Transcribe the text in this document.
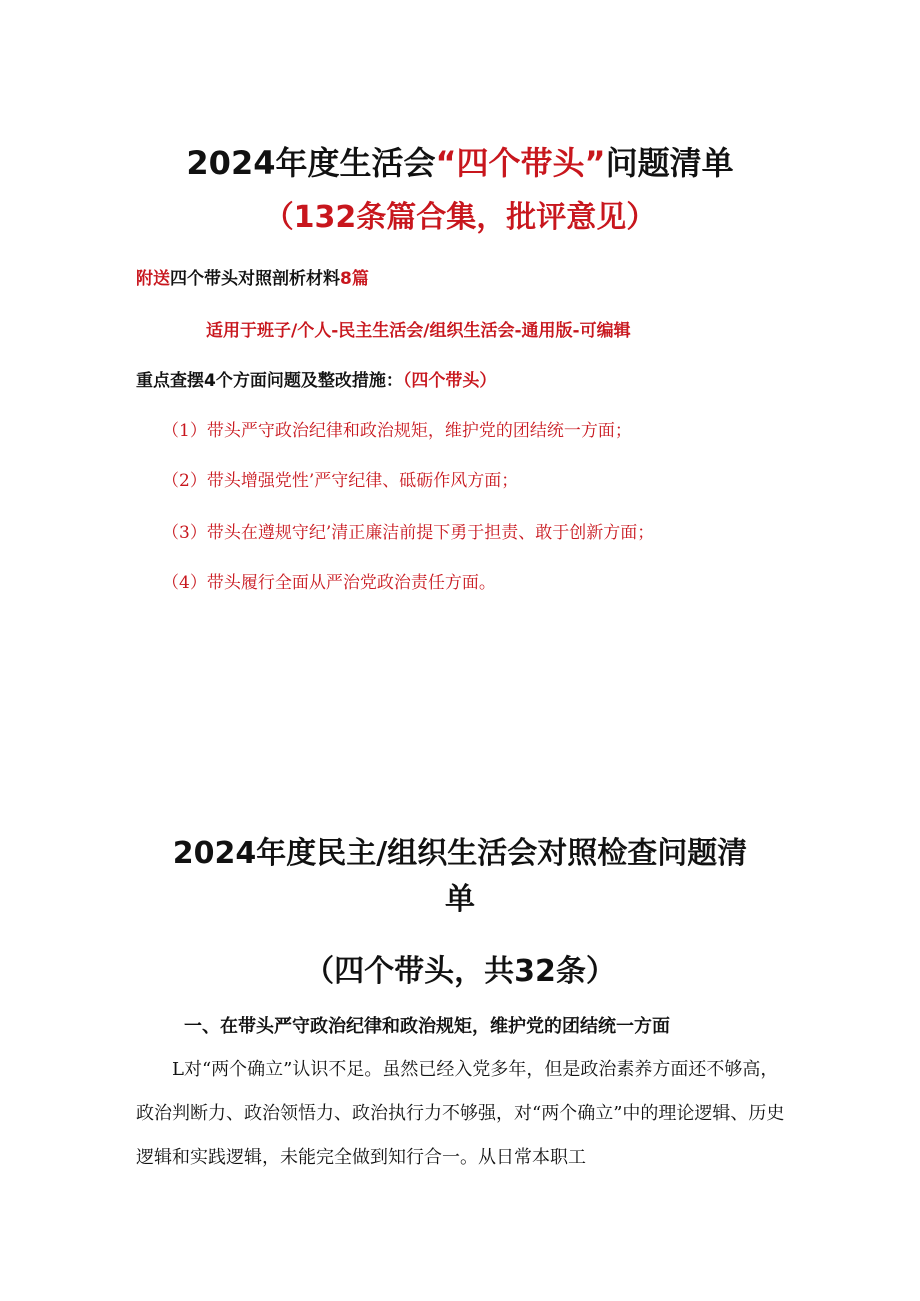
2024年度生活会“四个带头”问题清单
（132条篇合集，批评意见）
附送四个带头对照剖析材料8篇
适用于班子/个人-民主生活会/组织生活会-通用版-可编辑
重点查摆4个方面问题及整改措施：（四个带头）
（1）带头严守政治纪律和政治规矩，维护党的团结统一方面；
（2）带头增强党性’严守纪律、砥砺作风方面；
（3）带头在遵规守纪’清正廉洁前提下勇于担责、敢于创新方面；
（4）带头履行全面从严治党政治责任方面。
2024年度民主/组织生活会对照检查问题清
单
（四个带头，共32条）
一、在带头严守政治纪律和政治规矩，维护党的团结统一方面

L对“两个确立”认识不足。虽然已经入党多年，但是政治素养方面还不够高，政治判断力、政治领悟力、政治执行力不够强，对“两个确立”中的理论逻辑、历史逻辑和实践逻辑，未能完全做到知行合一。从日常本职工
